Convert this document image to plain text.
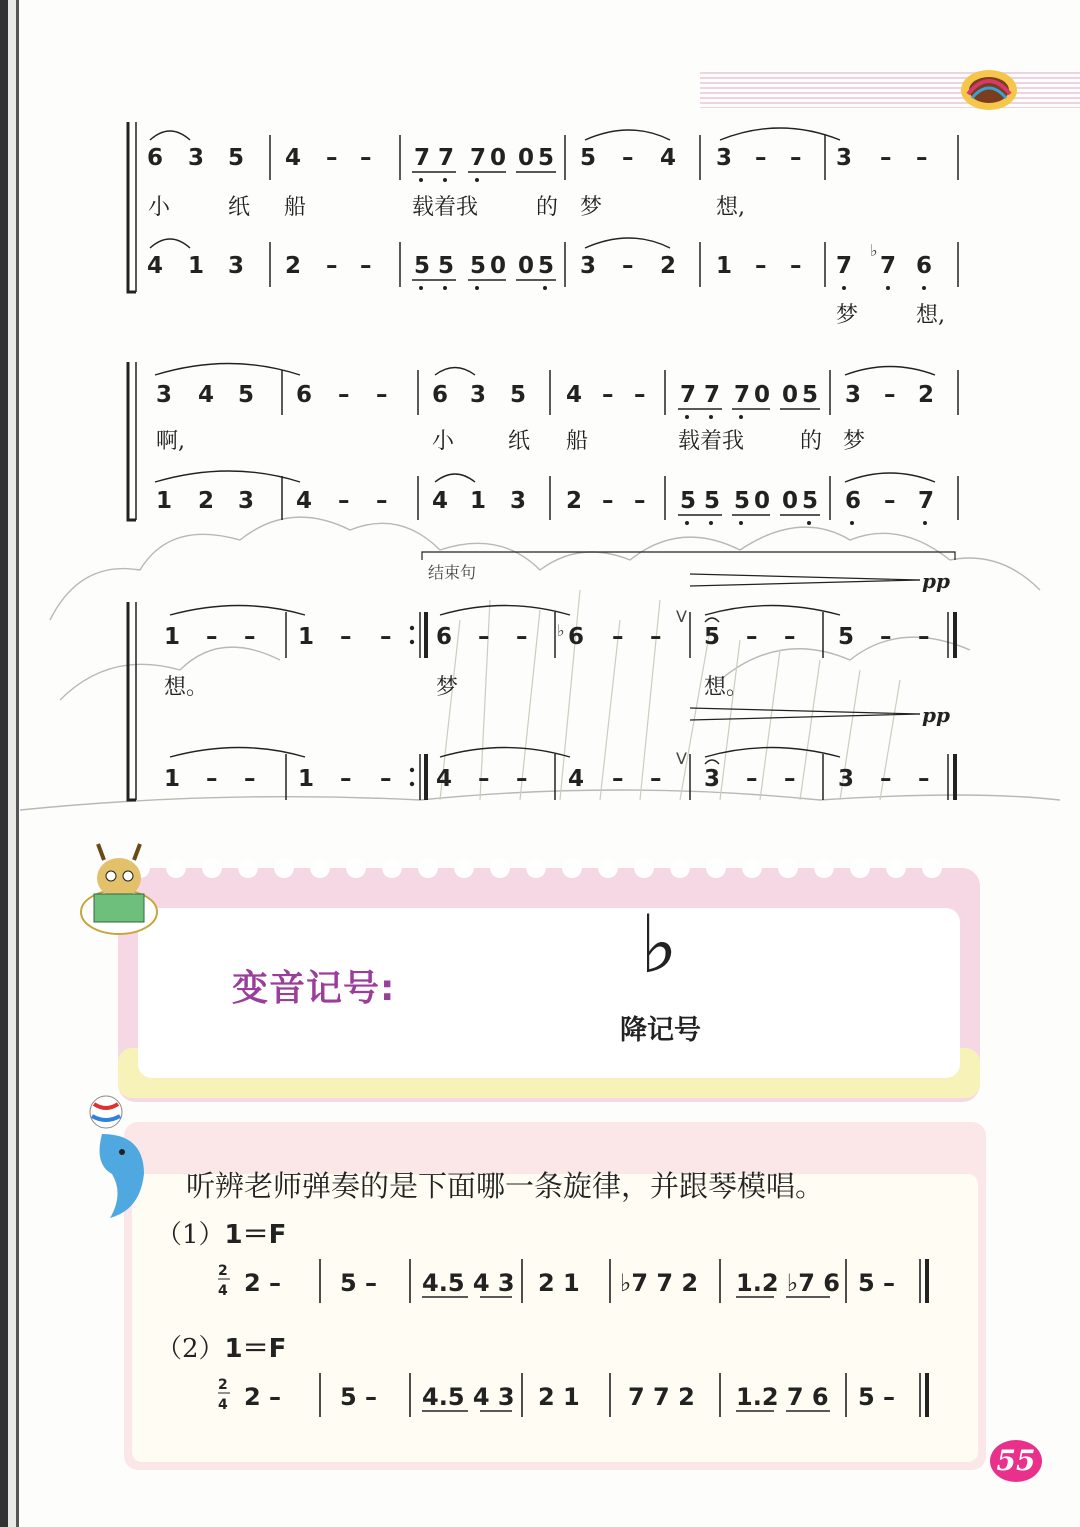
6 3 5 4 – – 7 7 7 0 0 5 5 – 4 3 – – 3 – –
小	纸 船	载着我	的 梦	想,
4 1 3 2 – – 5 5 5 0 0 5 3 – 2 1 – – 7 7 6
♭
梦	想,
3 4 5 6 – – 6 3 5 4 – – 7 7 7 0 0 5 3 – 2
啊,	小 纸 船	载着我	的 梦
1 2 3 4 – – 4 1 3 2 – – 5 5 5 0 0 5 6 – 7
结束句	pp
pp
V
V
♭
1 – – 1 – – 6 – – 6 – – 5 – – 5 – –
想。	梦	想。
1 – – 1 – – 4 – – 4 – – 3 – – 3 – –
变音记号:	♭
降记号
听辨老师弹奏的是下面哪一条旋律，并跟琴模唱。
（1）1＝F
（2）1＝F
2
4 2 – 5 – 4.5 4 3 2 1 ♭7 7 2 1.2 ♭7 6 5 –
2
4 2 – 5 – 4.5 4 3 2 1 7 7 2 1.2 7 6 5 –
55
